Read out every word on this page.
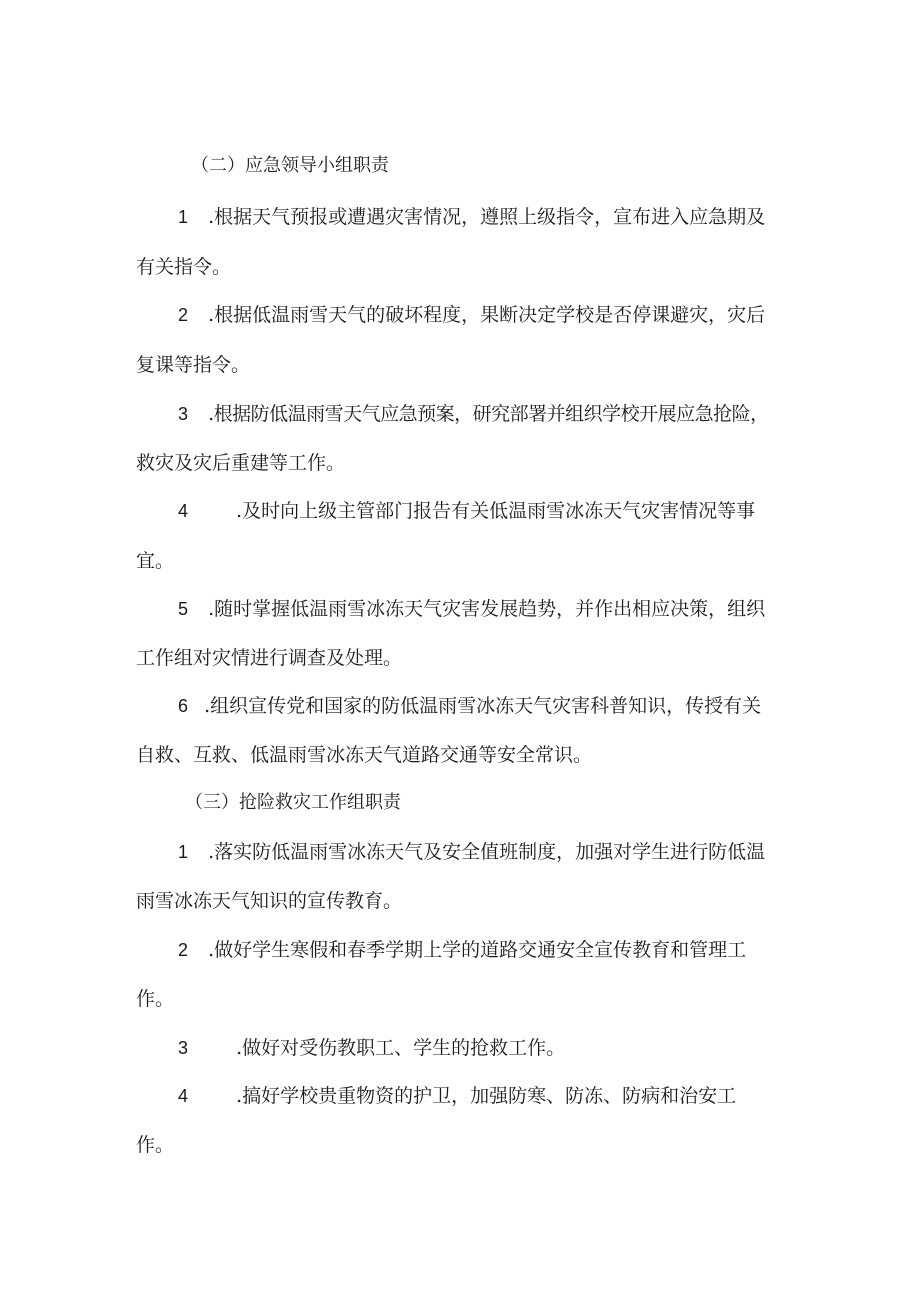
（二）应急领导小组职责
1 .根据天气预报或遭遇灾害情况，遵照上级指令，宣布进入应急期及
有关指令。
2 .根据低温雨雪天气的破坏程度，果断决定学校是否停课避灾，灾后
复课等指令。
3 .根据防低温雨雪天气应急预案，研究部署并组织学校开展应急抢险，
救灾及灾后重建等工作。
4	.及时向上级主管部门报告有关低温雨雪冰冻天气灾害情况等事
宜。
5 .随时掌握低温雨雪冰冻天气灾害发展趋势，并作出相应决策，组织
工作组对灾情进行调查及处理。
6 .组织宣传党和国家的防低温雨雪冰冻天气灾害科普知识，传授有关
自救、互救、低温雨雪冰冻天气道路交通等安全常识。
（三）抢险救灾工作组职责
1 .落实防低温雨雪冰冻天气及安全值班制度，加强对学生进行防低温
雨雪冰冻天气知识的宣传教育。
2 .做好学生寒假和春季学期上学的道路交通安全宣传教育和管理工
作。
3	.做好对受伤教职工、学生的抢救工作。
4	.搞好学校贵重物资的护卫，加强防寒、防冻、防病和治安工
作。
